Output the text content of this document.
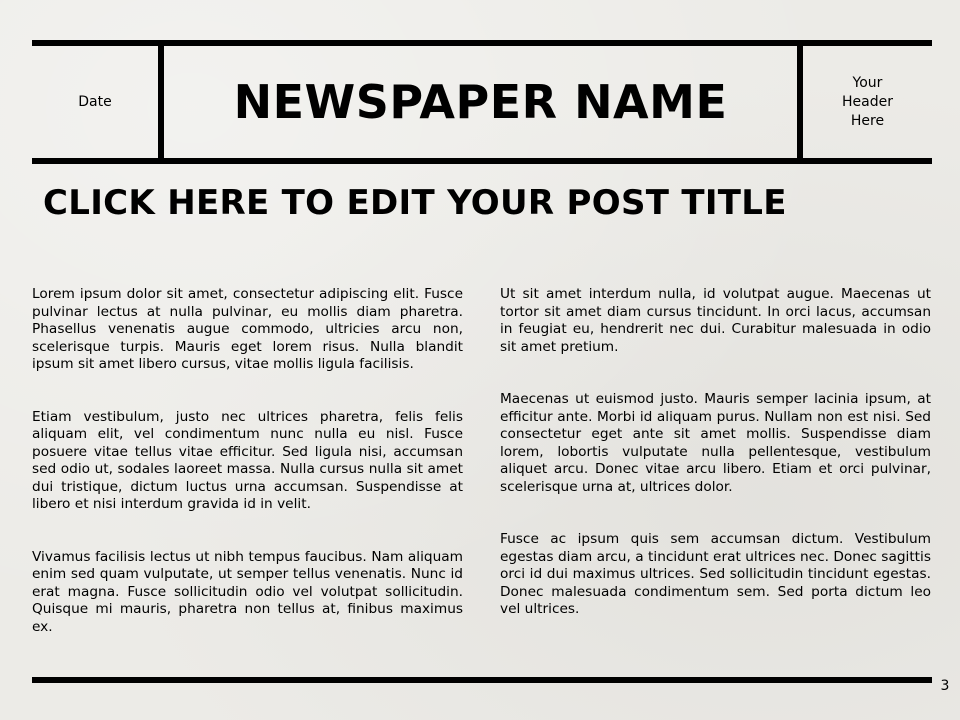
Date	NEWSPAPER NAME	Your
Header
Here
CLICK HERE TO EDIT YOUR POST TITLE

Lorem ipsum dolor sit amet, consectetur adipiscing elit. Fusce pulvinar lectus at nulla pulvinar, eu mollis diam pharetra. Phasellus venenatis augue commodo, ultricies arcu non, scelerisque turpis. Mauris eget lorem risus. Nulla blandit ipsum sit amet libero cursus, vitae mollis ligula facilisis.

Etiam vestibulum, justo nec ultrices pharetra, felis felis aliquam elit, vel condimentum nunc nulla eu nisl. Fusce posuere vitae tellus vitae efficitur. Sed ligula nisi, accumsan sed odio ut, sodales laoreet massa. Nulla cursus nulla sit amet dui tristique, dictum luctus urna accumsan. Suspendisse at libero et nisi interdum gravida id in velit.

Vivamus facilisis lectus ut nibh tempus faucibus. Nam aliquam enim sed quam vulputate, ut semper tellus venenatis. Nunc id erat magna. Fusce sollicitudin odio vel volutpat sollicitudin. Quisque mi mauris, pharetra non tellus at, finibus maximus ex.

Ut sit amet interdum nulla, id volutpat augue. Maecenas ut tortor sit amet diam cursus tincidunt. In orci lacus, accumsan in feugiat eu, hendrerit nec dui. Curabitur malesuada in odio sit amet pretium.

Maecenas ut euismod justo. Mauris semper lacinia ipsum, at efficitur ante. Morbi id aliquam purus. Nullam non est nisi. Sed consectetur eget ante sit amet mollis. Suspendisse diam lorem, lobortis vulputate nulla pellentesque, vestibulum aliquet arcu. Donec vitae arcu libero. Etiam et orci pulvinar, scelerisque urna at, ultrices dolor.

Fusce ac ipsum quis sem accumsan dictum. Vestibulum egestas diam arcu, a tincidunt erat ultrices nec. Donec sagittis orci id dui maximus ultrices. Sed sollicitudin tincidunt egestas. Donec malesuada condimentum sem. Sed porta dictum leo vel ultrices.

3
